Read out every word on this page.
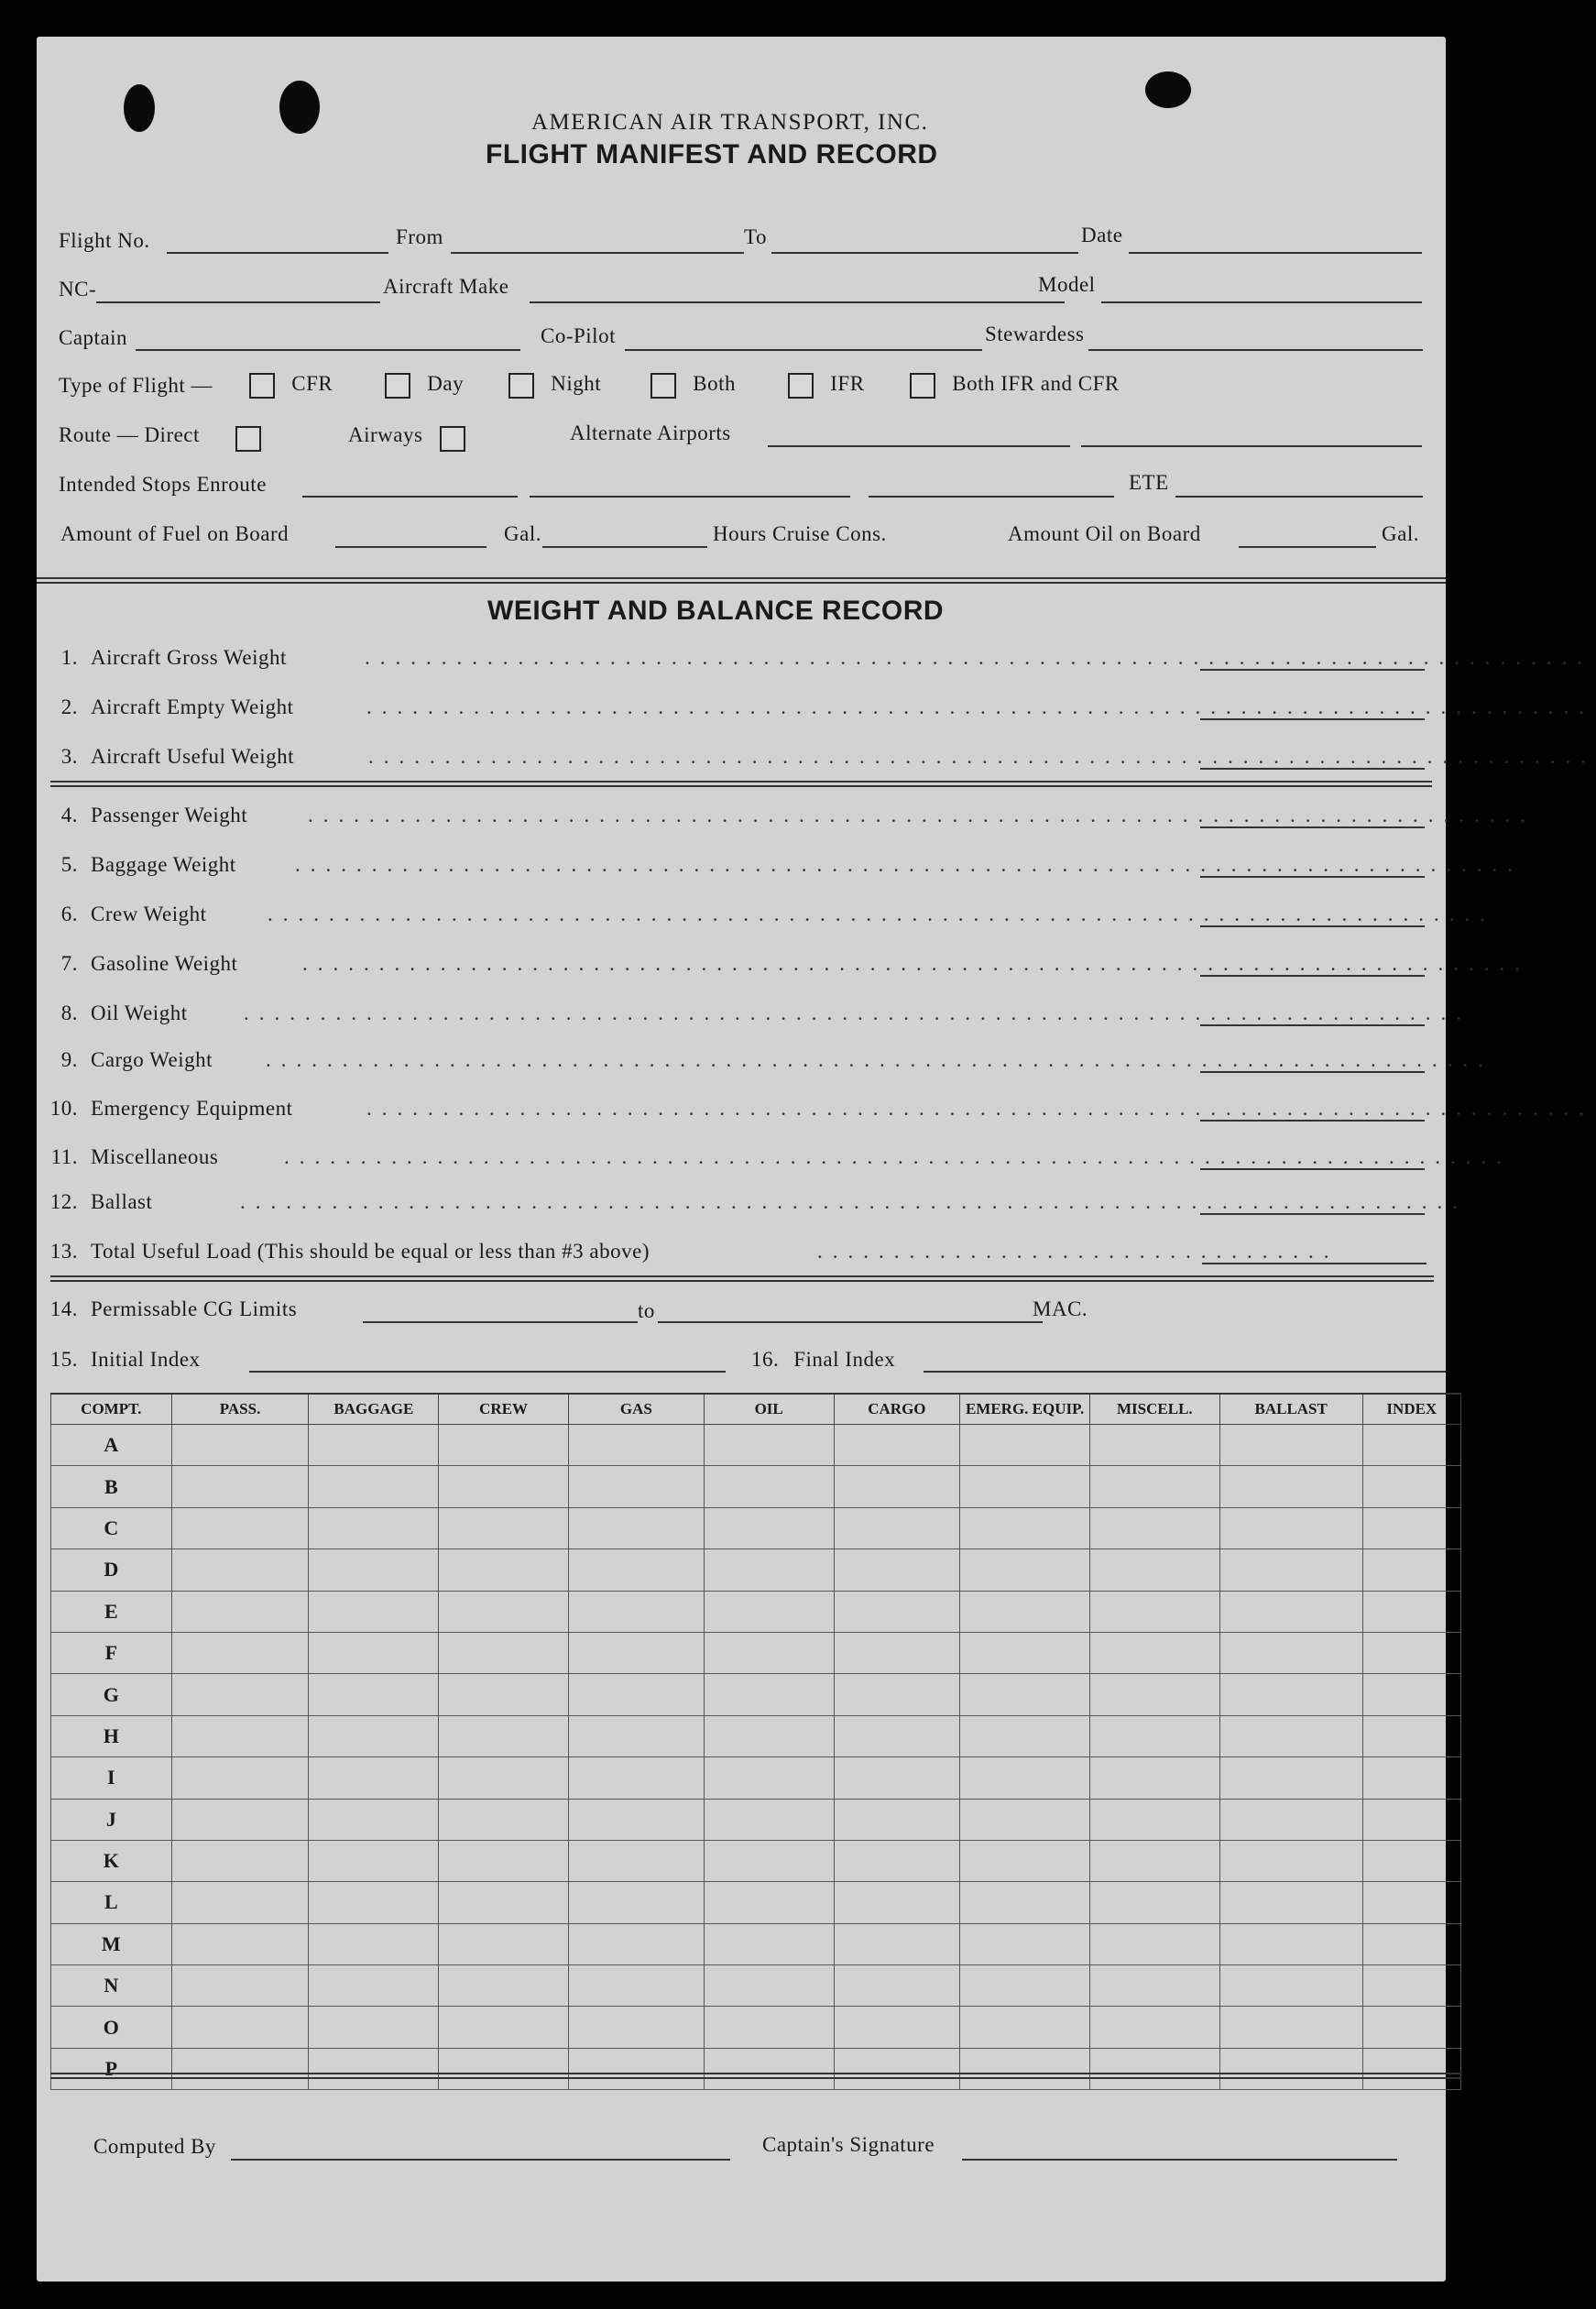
AMERICAN AIR TRANSPORT, INC.
FLIGHT MANIFEST AND RECORD
Flight No.	From	To	Date
NC-	Aircraft Make	Model
Captain	Co-Pilot	Stewardess
Type of Flight —	CFR	Day	Night	Both	IFR	Both IFR and CFR
Route — Direct	Airways	Alternate Airports
Intended Stops Enroute	ETE
Amount of Fuel on Board	Gal.	Hours Cruise Cons.	Amount Oil on Board	Gal.
WEIGHT AND BALANCE RECORD
1. Aircraft Gross Weight	................................................................................
2. Aircraft Empty Weight	................................................................................
3. Aircraft Useful Weight	................................................................................
4. Passenger Weight	................................................................................
5. Baggage Weight	................................................................................
6. Crew Weight	................................................................................
7. Gasoline Weight	................................................................................
8. Oil Weight	................................................................................
9. Cargo Weight	................................................................................
10. Emergency Equipment	................................................................................
11. Miscellaneous	................................................................................
12. Ballast	................................................................................
13. Total Useful Load (This should be equal or less than #3 above)	..................................
14. Permissable CG Limits	to	MAC.
15. Initial Index	16. Final Index
COMPT.	PASS.	BAGGAGE	CREW	GAS	OIL	CARGO	EMERG. EQUIP.	MISCELL.	BALLAST	INDEX
A										
B										
C										
D										
E										
F										
G										
H										
I										
J										
K										
L										
M										
N										
O										
P										
Computed By	Captain's Signature
